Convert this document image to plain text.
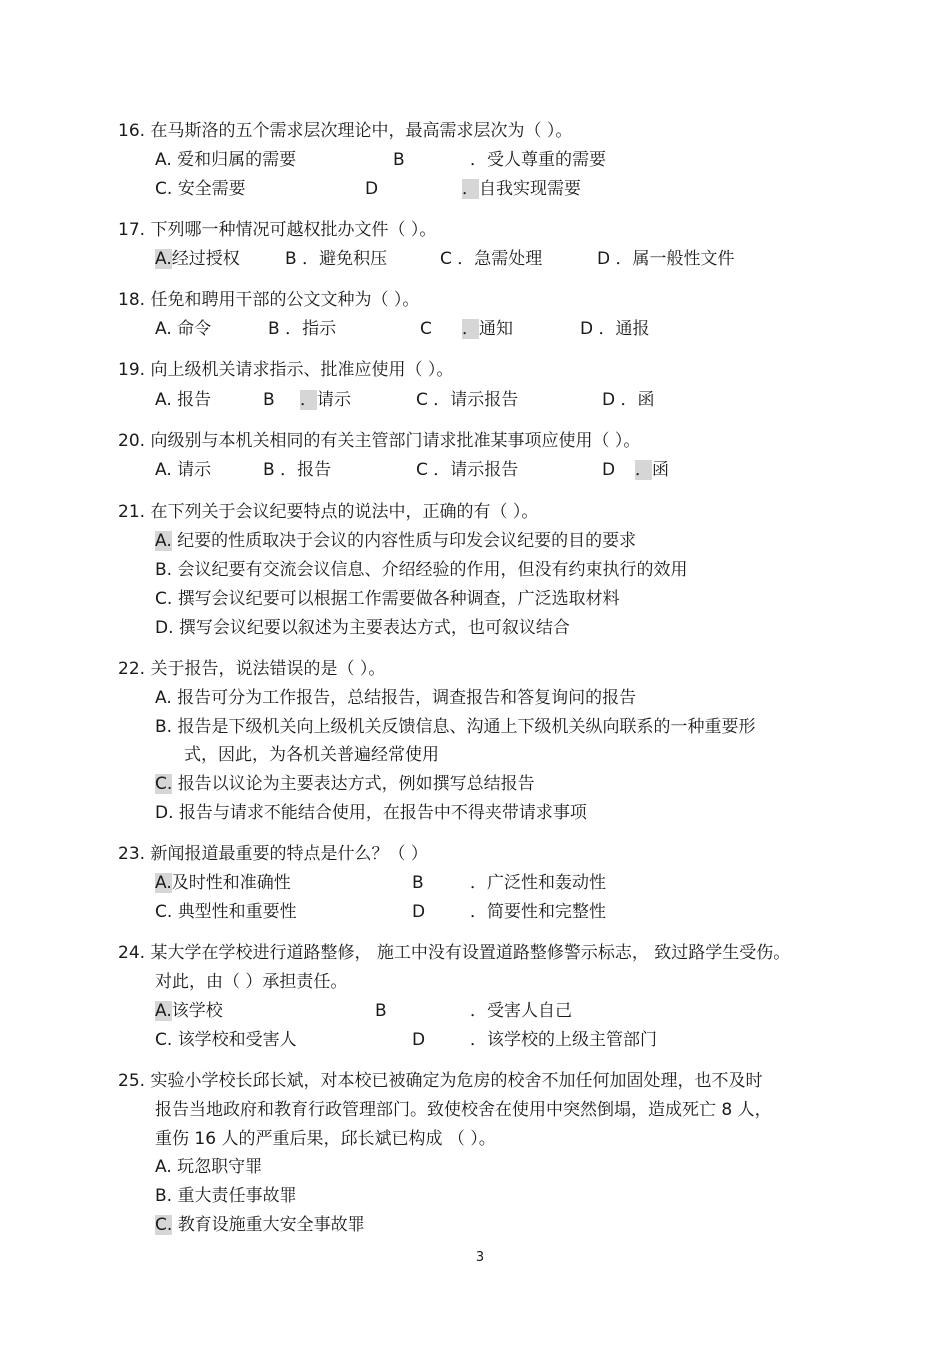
16. 在马斯洛的五个需求层次理论中，最高需求层次为（ ）。
A. 爱和归属的需要	B	．受人尊重的需要
C. 安全需要	D	．自我实现需要
17. 下列哪一种情况可越权批办文件（ ）。
A.经过授权	B ．避免积压	C ．急需处理	D ．属一般性文件
18. 任免和聘用干部的公文文种为（ ）。
A. 命令	B ．指示	C ．通知	D ．通报
19. 向上级机关请求指示、批准应使用（ ）。
A. 报告	B ．请示	C ．请示报告	D ．函
20. 向级别与本机关相同的有关主管部门请求批准某事项应使用（ ）。
A. 请示	B ．报告	C ．请示报告	D ．函
21. 在下列关于会议纪要特点的说法中，正确的有（ ）。
A. 纪要的性质取决于会议的内容性质与印发会议纪要的目的要求
B. 会议纪要有交流会议信息、介绍经验的作用，但没有约束执行的效用
C. 撰写会议纪要可以根据工作需要做各种调查，广泛选取材料
D. 撰写会议纪要以叙述为主要表达方式，也可叙议结合
22. 关于报告，说法错误的是（ ）。
A. 报告可分为工作报告，总结报告，调查报告和答复询问的报告
B. 报告是下级机关向上级机关反馈信息、沟通上下级机关纵向联系的一种重要形
式，因此，为各机关普遍经常使用
C. 报告以议论为主要表达方式，例如撰写总结报告
D. 报告与请求不能结合使用，在报告中不得夹带请求事项
23. 新闻报道最重要的特点是什么？（ ）
A.及时性和准确性	B	．广泛性和轰动性
C. 典型性和重要性	D	．简要性和完整性
24. 某大学在学校进行道路整修， 施工中没有设置道路整修警示标志， 致过路学生受伤。
对此，由（ ）承担责任。
A.该学校	B	．受害人自己
C. 该学校和受害人	D	．该学校的上级主管部门
25. 实验小学校长邱长斌，对本校已被确定为危房的校舍不加任何加固处理，也不及时
报告当地政府和教育行政管理部门。致使校舍在使用中突然倒塌，造成死亡 8 人，
重伤 16 人的严重后果，邱长斌已构成 （ ）。
A. 玩忽职守罪
B. 重大责任事故罪
C. 教育设施重大安全事故罪
3
